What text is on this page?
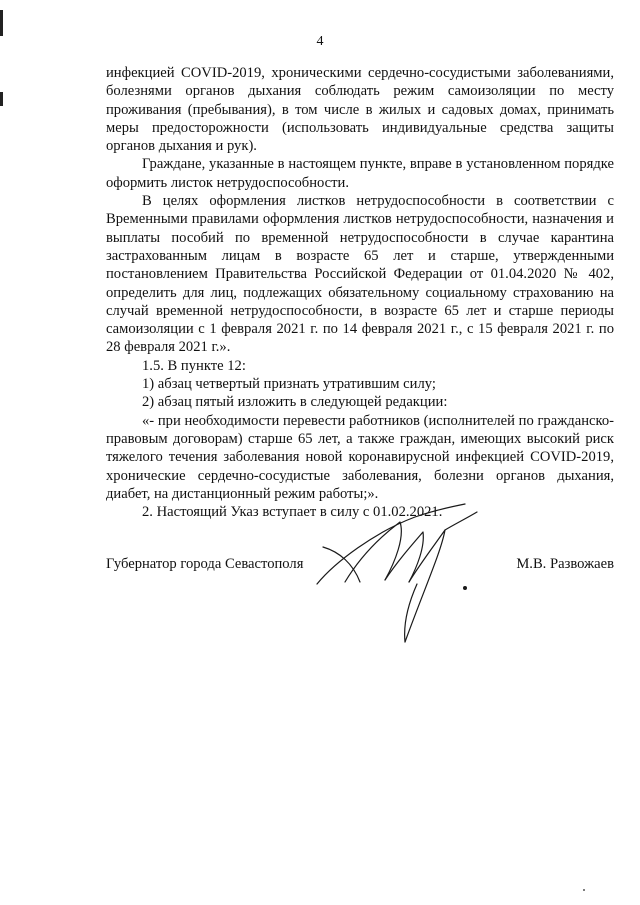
4

инфекцией COVID-2019, хроническими сердечно-сосудистыми заболеваниями, болезнями органов дыхания соблюдать режим самоизоляции по месту проживания (пребывания), в том числе в жилых и садовых домах, принимать меры предосторожности (использовать индивидуальные средства защиты органов дыхания и рук).

Граждане, указанные в настоящем пункте, вправе в установленном порядке оформить листок нетрудоспособности.

В целях оформления листков нетрудоспособности в соответствии с Временными правилами оформления листков нетрудоспособности, назначения и выплаты пособий по временной нетрудоспособности в случае карантина застрахованным лицам в возрасте 65 лет и старше, утвержденными постановлением Правительства Российской Федерации от 01.04.2020 № 402, определить для лиц, подлежащих обязательному социальному страхованию на случай временной нетрудоспособности, в возрасте 65 лет и старше периоды самоизоляции с 1 февраля 2021 г. по 14 февраля 2021 г., с 15 февраля 2021 г. по 28 февраля 2021 г.».

1.5. В пункте 12:

1) абзац четвертый признать утратившим силу;

2) абзац пятый изложить в следующей редакции:

«- при необходимости перевести работников (исполнителей по гражданско-правовым договорам) старше 65 лет, а также граждан, имеющих высокий риск тяжелого течения заболевания новой коронавирусной инфекцией COVID-2019, хронические сердечно-сосудистые заболевания, болезни органов дыхания, диабет, на дистанционный режим работы;».

2. Настоящий Указ вступает в силу с 01.02.2021.

Губернатор города Севастополя	М.В. Развожаев
